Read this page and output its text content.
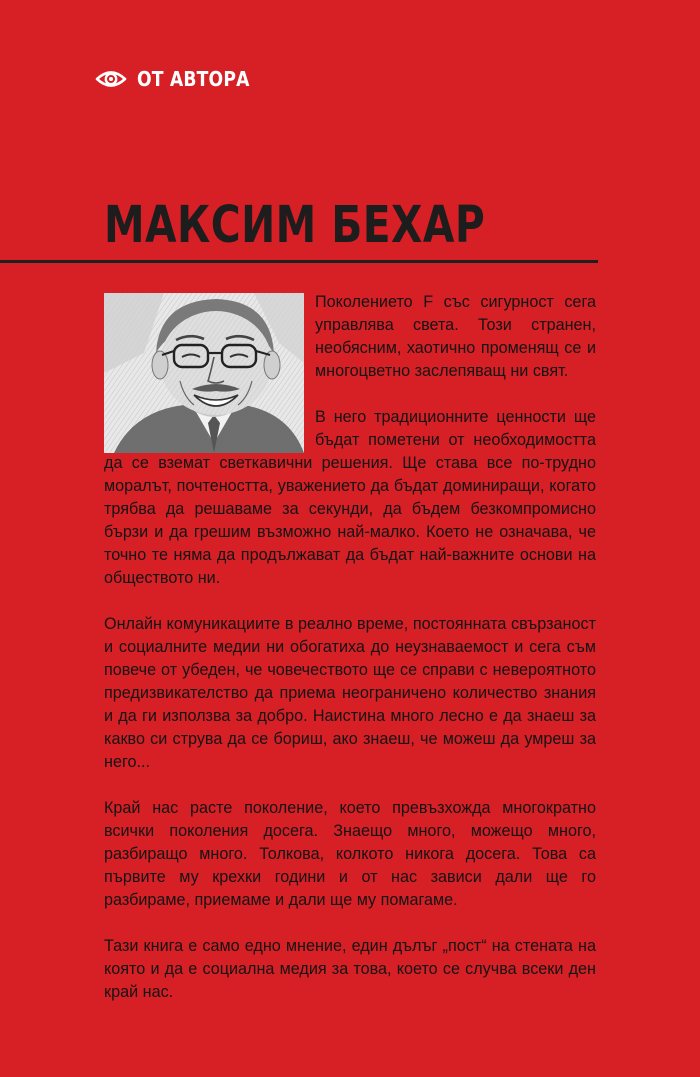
ОТ АВТОРА
МАКСИМ БЕХАР

Поколението F със сигурност сега управлява света. Този странен, необясним, хаотично променящ се и многоцветно заслепяващ ни свят.

В него традиционните ценности ще бъдат пометени от необходимостта да се вземат светкавични решения. Ще става все по-трудно моралът, почтеността, уважението да бъдат доминиращи, когато трябва да решаваме за секунди, да бъдем безкомпромисно бързи и да грешим възможно най-малко. Което не означава, че точно те няма да продължават да бъдат най-важните основи на обществото ни.

Онлайн комуникациите в реално време, постоянната свързаност и социалните медии ни обогатиха до неузнаваемост и сега съм повече от убеден, че човечеството ще се справи с невероятното предизвикателство да приема неограничено количество знания и да ги използва за добро. Наистина много лесно е да знаеш за какво си струва да се бориш, ако знаеш, че можеш да умреш за него...

Край нас расте поколение, което превъзхожда многократно всички поколения досега. Знаещо много, можещо много, разбиращо много. Толкова, колкото никога досега. Това са първите му крехки години и от нас зависи дали ще го разбираме, приемаме и дали ще му помагаме.

Тази книга е само едно мнение, един дълъг „пост“ на стената на която и да е социална медия за това, което се случва всеки ден край нас.
